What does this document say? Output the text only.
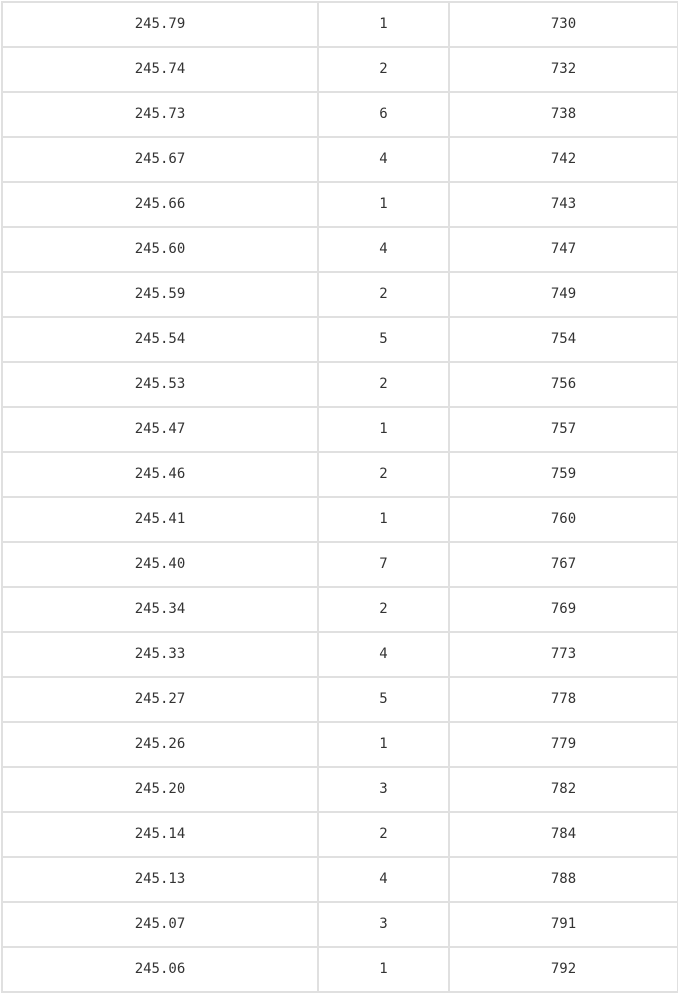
245.79	1	730
245.74	2	732
245.73	6	738
245.67	4	742
245.66	1	743
245.60	4	747
245.59	2	749
245.54	5	754
245.53	2	756
245.47	1	757
245.46	2	759
245.41	1	760
245.40	7	767
245.34	2	769
245.33	4	773
245.27	5	778
245.26	1	779
245.20	3	782
245.14	2	784
245.13	4	788
245.07	3	791
245.06	1	792
